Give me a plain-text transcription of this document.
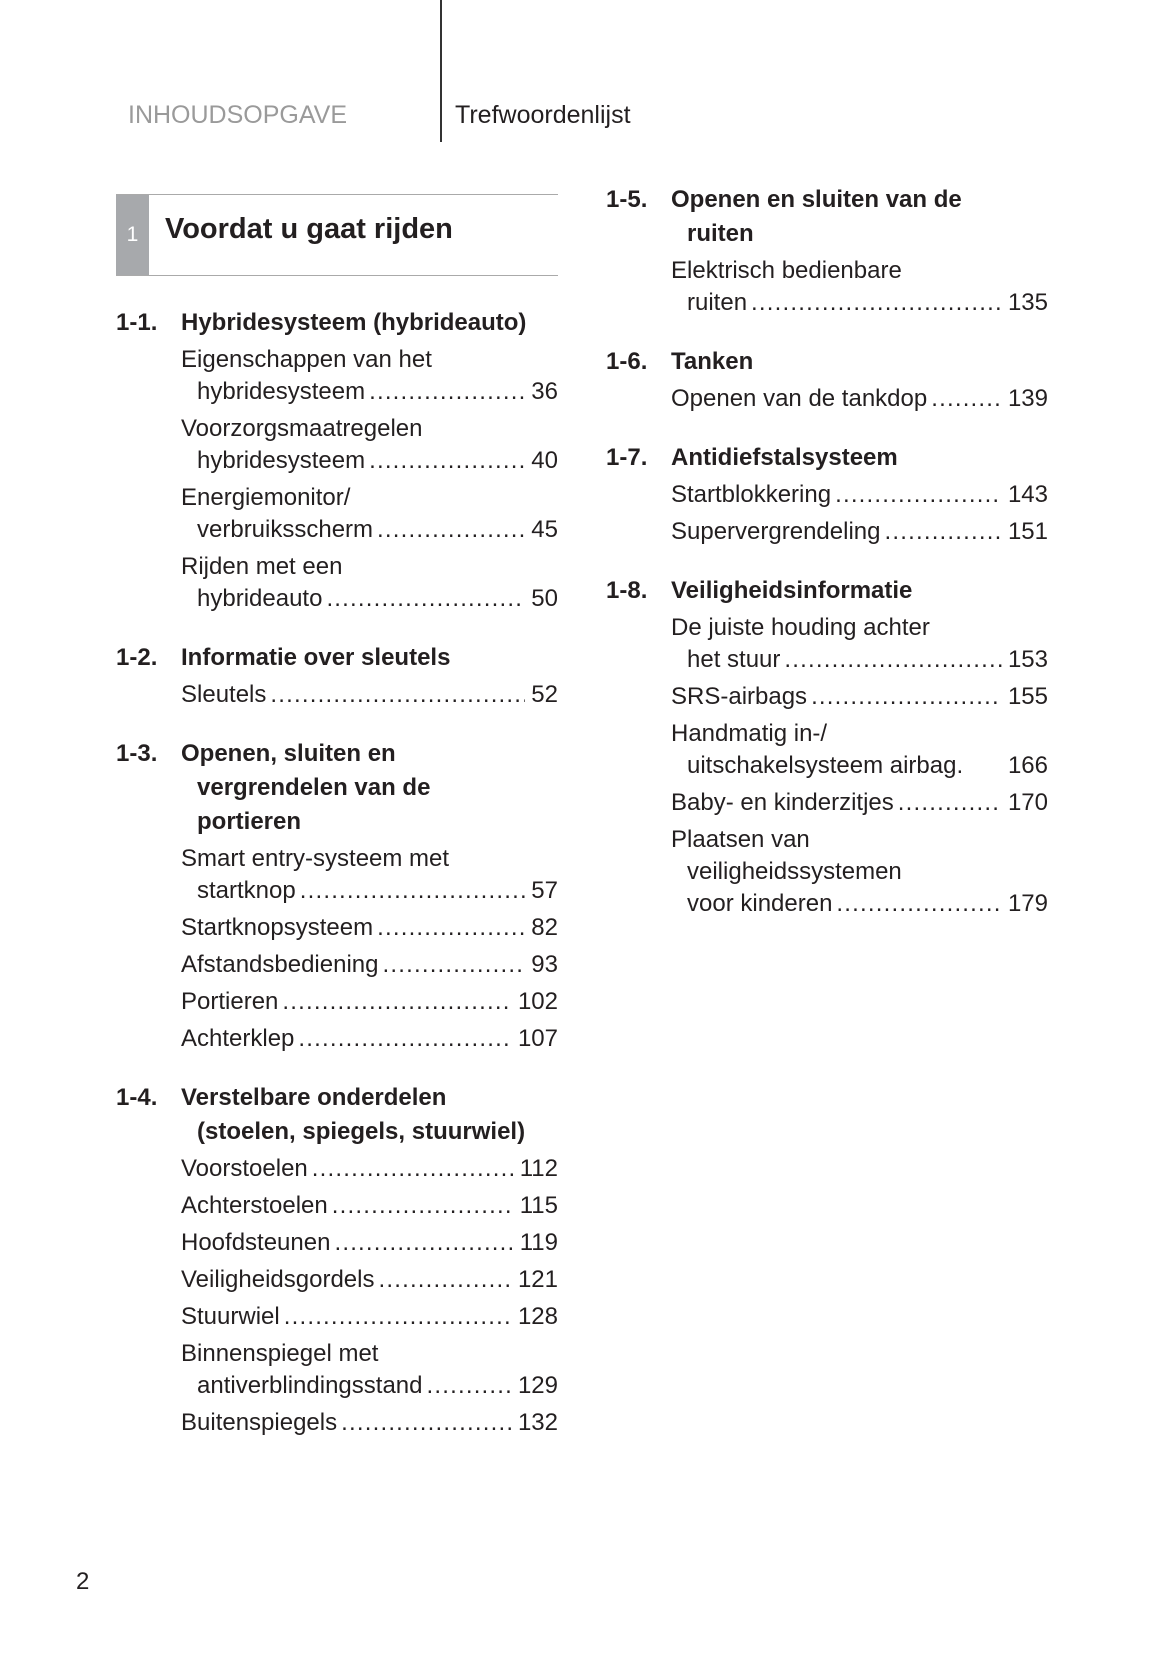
INHOUDSOPGAVE	Trefwoordenlijst
1 Voordat u gaat rijden
1-1. Hybridesysteem (hybrideauto)
Eigenschappen van het
hybridesysteem .....	36
Voorzorgsmaatregelen
hybridesysteem .....	40
Energiemonitor/
verbruiksscherm .....	45
Rijden met een
hybrideauto .....	50
1-2. Informatie over sleutels
Sleutels .....	52
1-3. Openen, sluiten en
vergrendelen van de
portieren
Smart entry-systeem met
startknop .....	57
Startknopsysteem .....	82
Afstandsbediening .....	93
Portieren .....	102
Achterklep .....	107
1-4. Verstelbare onderdelen
(stoelen, spiegels, stuurwiel)
Voorstoelen .....	112
Achterstoelen .....	115
Hoofdsteunen .....	119
Veiligheidsgordels .....	121
Stuurwiel .....	128
Binnenspiegel met
antiverblindingsstand .....	129
Buitenspiegels .....	132
1-5. Openen en sluiten van de
ruiten
Elektrisch bedienbare
ruiten .....	135
1-6. Tanken
Openen van de tankdop .....	139
1-7. Antidiefstalsysteem
Startblokkering .....	143
Supervergrendeling .....	151
1-8. Veiligheidsinformatie
De juiste houding achter
het stuur .....	153
SRS-airbags .....	155
Handmatig in-/
uitschakelsysteem airbag. 166
Baby- en kinderzitjes .....	170
Plaatsen van
veiligheidssystemen
voor kinderen .....	179
2
